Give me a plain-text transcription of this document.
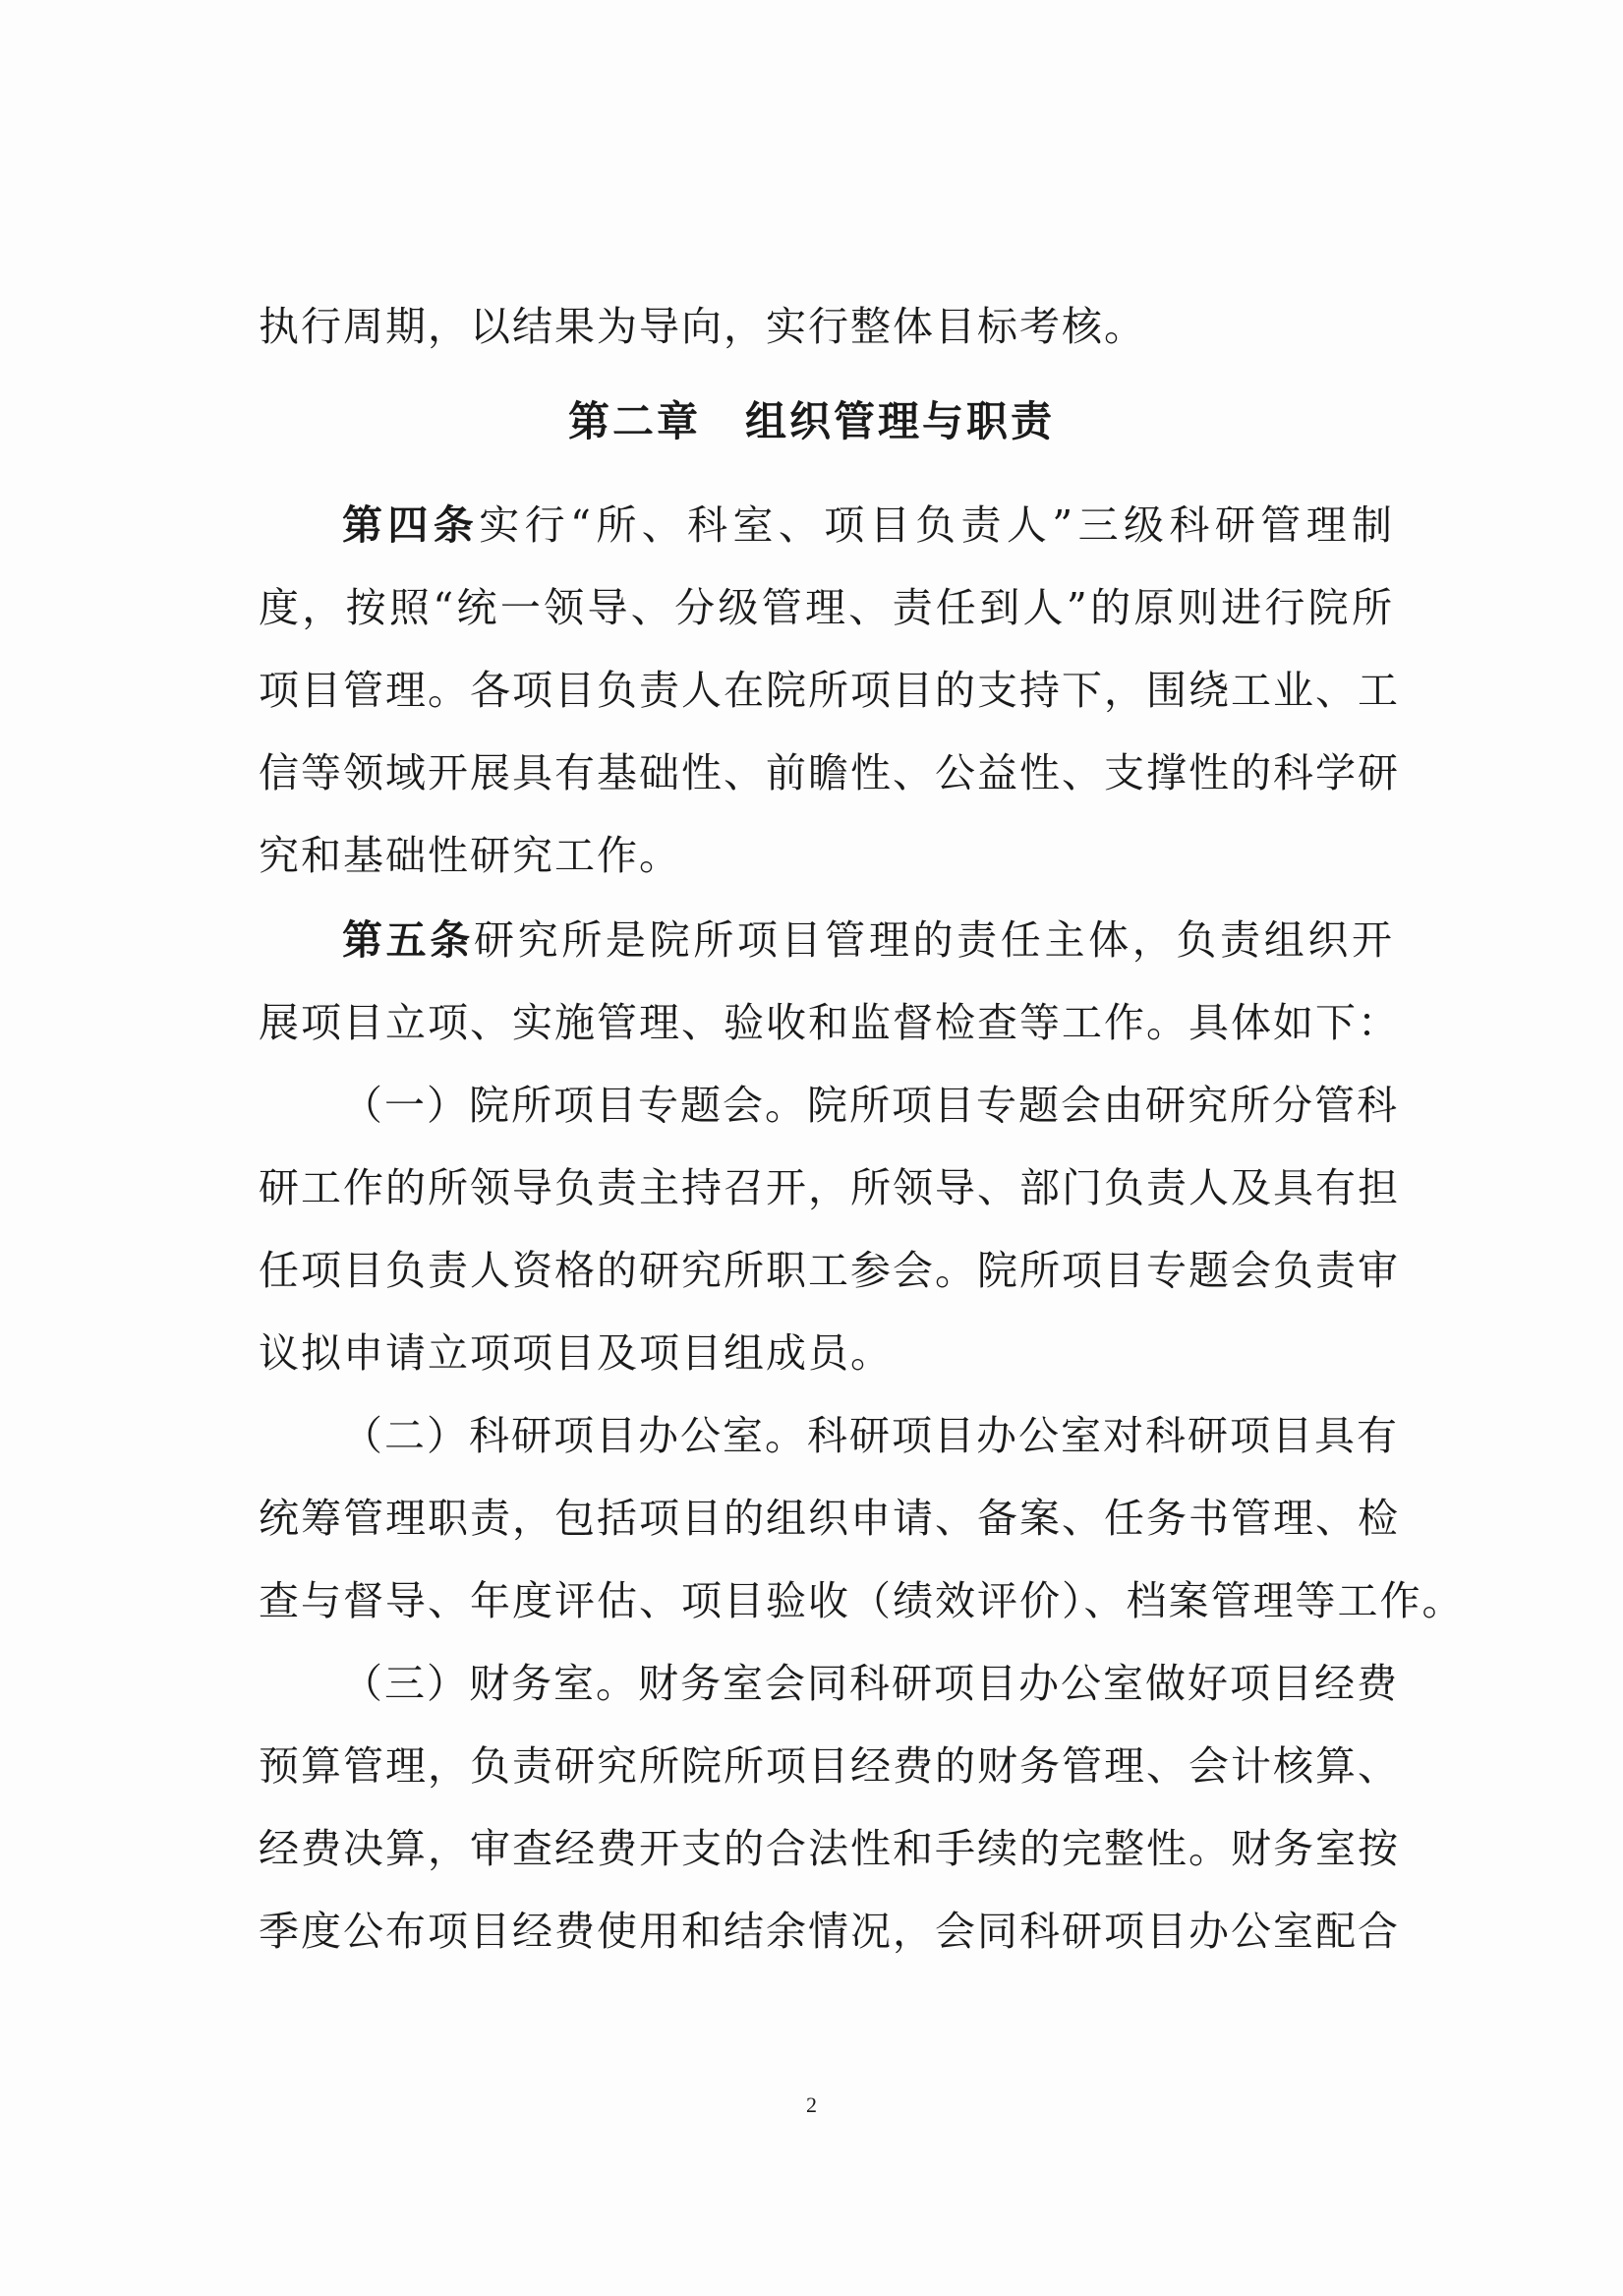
执行周期，以结果为导向，实行整体目标考核。
第二章　组织管理与职责
第四条实行“所、科室、项目负责人”三级科研管理制
度，按照“统一领导、分级管理、责任到人”的原则进行院所
项目管理。各项目负责人在院所项目的支持下，围绕工业、工
信等领域开展具有基础性、前瞻性、公益性、支撑性的科学研
究和基础性研究工作。
第五条研究所是院所项目管理的责任主体，负责组织开
展项目立项、实施管理、验收和监督检查等工作。具体如下：
（一）院所项目专题会。院所项目专题会由研究所分管科
研工作的所领导负责主持召开，所领导、部门负责人及具有担
任项目负责人资格的研究所职工参会。院所项目专题会负责审
议拟申请立项项目及项目组成员。
（二）科研项目办公室。科研项目办公室对科研项目具有
统筹管理职责，包括项目的组织申请、备案、任务书管理、检
查与督导、年度评估、项目验收（绩效评价）、档案管理等工作。
（三）财务室。财务室会同科研项目办公室做好项目经费
预算管理，负责研究所院所项目经费的财务管理、会计核算、
经费决算，审查经费开支的合法性和手续的完整性。财务室按
季度公布项目经费使用和结余情况，会同科研项目办公室配合
2
